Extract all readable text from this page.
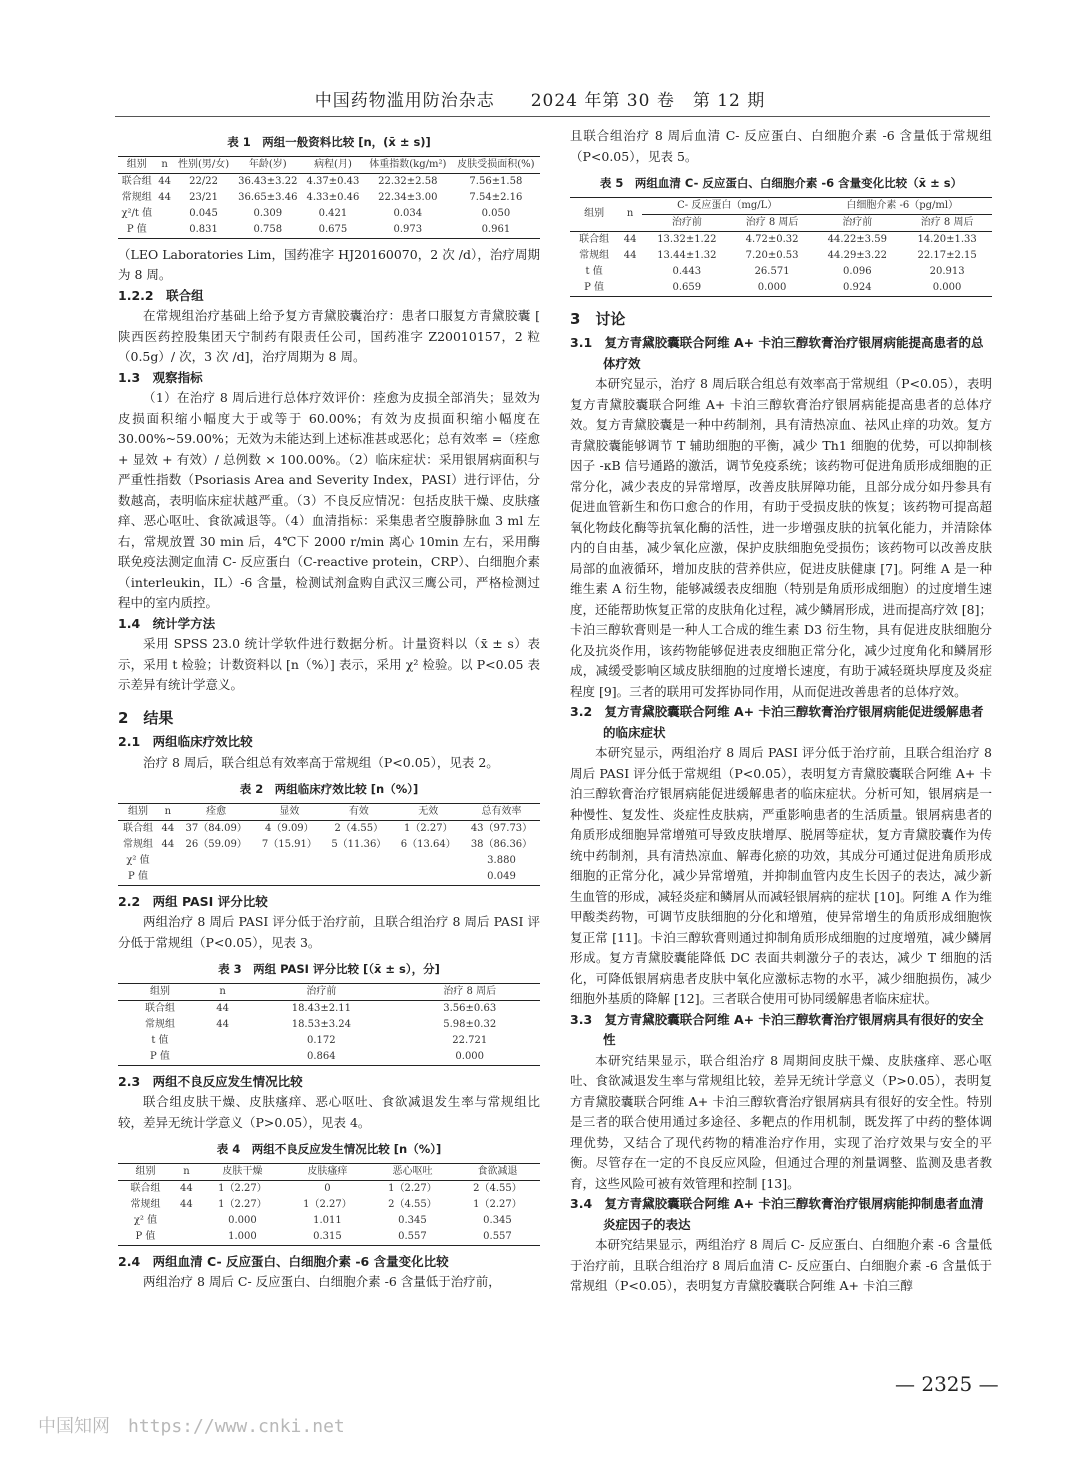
中国药物滥用防治杂志　　2024 年第 30 卷　第 12 期
表 1　两组一般资料比较 [n，(x̄ ± s)]
组别	n	性别(男/女)	年龄(岁)	病程(月)	体重指数(kg/m²)	皮肤受损面积(%)
联合组	44	22/22	36.43±3.22	4.37±0.43	22.32±2.58	7.56±1.58
常规组	44	23/21	36.65±3.46	4.33±0.46	22.34±3.00	7.54±2.16
χ²/t 值		0.045	0.309	0.421	0.034	0.050
P 值		0.831	0.758	0.675	0.973	0.961

（LEO Laboratories Lim，国药准字 HJ20160070，2 次 /d），治疗周期为 8 周。

1.2.2　联合组

在常规组治疗基础上给予复方青黛胶囊治疗：患者口服复方青黛胶囊 [ 陕西医药控股集团天宁制药有限责任公司，国药准字 Z20010157，2 粒（0.5g）/ 次，3 次 /d]，治疗周期为 8 周。

1.3　观察指标

（1）在治疗 8 周后进行总体疗效评价：痊愈为皮损全部消失；显效为皮损面积缩小幅度大于或等于 60.00%；有效为皮损面积缩小幅度在 30.00%~59.00%；无效为未能达到上述标准甚或恶化；总有效率 =（痊愈 + 显效 + 有效）/ 总例数 × 100.00%。（2）临床症状：采用银屑病面积与严重性指数（Psoriasis Area and Severity Index，PASI）进行评估，分数越高，表明临床症状越严重。（3）不良反应情况：包括皮肤干燥、皮肤瘙痒、恶心呕吐、食欲减退等。（4）血清指标：采集患者空腹静脉血 3 ml 左右，常规放置 30 min 后，4℃下 2000 r/min 离心 10min 左右，采用酶联免疫法测定血清 C- 反应蛋白（C-reactive protein，CRP）、白细胞介素（interleukin，IL）-6 含量，检测试剂盒购自武汉三鹰公司，严格检测过程中的室内质控。

1.4　统计学方法

采用 SPSS 23.0 统计学软件进行数据分析。计量资料以（x̄ ± s）表示，采用 t 检验；计数资料以 [n（%）] 表示，采用 χ² 检验。以 P<0.05 表示差异有统计学意义。

2　结果
2.1　两组临床疗效比较

治疗 8 周后，联合组总有效率高于常规组（P<0.05），见表 2。

表 2　两组临床疗效比较 [n（%）]
组别	n	痊愈	显效	有效	无效	总有效率
联合组	44	37（84.09）	4（9.09）	2（4.55）	1（2.27）	43（97.73）
常规组	44	26（59.09）	7（15.91）	5（11.36）	6（13.64）	38（86.36）
χ² 值						3.880
P 值						0.049
2.2　两组 PASI 评分比较

两组治疗 8 周后 PASI 评分低于治疗前，且联合组治疗 8 周后 PASI 评分低于常规组（P<0.05），见表 3。

表 3　两组 PASI 评分比较 [（x̄ ± s），分]
组别	n	治疗前	治疗 8 周后
联合组	44	18.43±2.11	3.56±0.63
常规组	44	18.53±3.24	5.98±0.32
t 值		0.172	22.721
P 值		0.864	0.000
2.3　两组不良反应发生情况比较

联合组皮肤干燥、皮肤瘙痒、恶心呕吐、食欲减退发生率与常规组比较，差异无统计学意义（P>0.05），见表 4。

表 4　两组不良反应发生情况比较 [n（%）]
组别	n	皮肤干燥	皮肤瘙痒	恶心呕吐	食欲减退
联合组	44	1（2.27）	0	1（2.27）	2（4.55）
常规组	44	1（2.27）	1（2.27）	2（4.55）	1（2.27）
χ² 值		0.000	1.011	0.345	0.345
P 值		1.000	0.315	0.557	0.557
2.4　两组血清 C- 反应蛋白、白细胞介素 -6 含量变化比较

两组治疗 8 周后 C- 反应蛋白、白细胞介素 -6 含量低于治疗前，

且联合组治疗 8 周后血清 C- 反应蛋白、白细胞介素 -6 含量低于常规组（P<0.05），见表 5。

表 5　两组血清 C- 反应蛋白、白细胞介素 -6 含量变化比较（x̄ ± s）
组别	n	C- 反应蛋白（mg/L）		白细胞介素 -6（pg/ml）	
		治疗前	治疗 8 周后	治疗前	治疗 8 周后
联合组	44	13.32±1.22	4.72±0.32	44.22±3.59	14.20±1.33
常规组	44	13.44±1.32	7.20±0.53	44.29±3.22	22.17±2.15
t 值		0.443	26.571	0.096	20.913
P 值		0.659	0.000	0.924	0.000
3　讨论
3.1　复方青黛胶囊联合阿维 A+ 卡泊三醇软膏治疗银屑病能提高患者的总体疗效

本研究显示，治疗 8 周后联合组总有效率高于常规组（P<0.05），表明复方青黛胶囊联合阿维 A+ 卡泊三醇软膏治疗银屑病能提高患者的总体疗效。复方青黛胶囊是一种中药制剂，具有清热凉血、祛风止痒的功效。复方青黛胶囊能够调节 T 辅助细胞的平衡，减少 Th1 细胞的优势，可以抑制核因子 -κB 信号通路的激活，调节免疫系统；该药物可促进角质形成细胞的正常分化，减少表皮的异常增厚，改善皮肤屏障功能，且部分成分如丹参具有促进血管新生和伤口愈合的作用，有助于受损皮肤的恢复；该药物可提高超氧化物歧化酶等抗氧化酶的活性，进一步增强皮肤的抗氧化能力，并清除体内的自由基，减少氧化应激，保护皮肤细胞免受损伤；该药物可以改善皮肤局部的血液循环，增加皮肤的营养供应，促进皮肤健康 [7]。阿维 A 是一种维生素 A 衍生物，能够减缓表皮细胞（特别是角质形成细胞）的过度增生速度，还能帮助恢复正常的皮肤角化过程，减少鳞屑形成，进而提高疗效 [8]；卡泊三醇软膏则是一种人工合成的维生素 D3 衍生物，具有促进皮肤细胞分化及抗炎作用，该药物能够促进表皮细胞正常分化，减少过度角化和鳞屑形成，减缓受影响区域皮肤细胞的过度增长速度，有助于减轻斑块厚度及炎症程度 [9]。三者的联用可发挥协同作用，从而促进改善患者的总体疗效。

3.2　复方青黛胶囊联合阿维 A+ 卡泊三醇软膏治疗银屑病能促进缓解患者的临床症状

本研究显示，两组治疗 8 周后 PASI 评分低于治疗前，且联合组治疗 8 周后 PASI 评分低于常规组（P<0.05），表明复方青黛胶囊联合阿维 A+ 卡泊三醇软膏治疗银屑病能促进缓解患者的临床症状。分析可知，银屑病是一种慢性、复发性、炎症性皮肤病，严重影响患者的生活质量。银屑病患者的角质形成细胞异常增殖可导致皮肤增厚、脱屑等症状，复方青黛胶囊作为传统中药制剂，具有清热凉血、解毒化瘀的功效，其成分可通过促进角质形成细胞的正常分化，减少异常增殖，并抑制血管内皮生长因子的表达，减少新生血管的形成，减轻炎症和鳞屑从而减轻银屑病的症状 [10]。阿维 A 作为维甲酸类药物，可调节皮肤细胞的分化和增殖，使异常增生的角质形成细胞恢复正常 [11]。卡泊三醇软膏则通过抑制角质形成细胞的过度增殖，减少鳞屑形成。复方青黛胶囊能降低 DC 表面共刺激分子的表达，减少 T 细胞的活化，可降低银屑病患者皮肤中氧化应激标志物的水平，减少细胞损伤，减少细胞外基质的降解 [12]。三者联合使用可协同缓解患者临床症状。

3.3　复方青黛胶囊联合阿维 A+ 卡泊三醇软膏治疗银屑病具有很好的安全性

本研究结果显示，联合组治疗 8 周期间皮肤干燥、皮肤瘙痒、恶心呕吐、食欲减退发生率与常规组比较，差异无统计学意义（P>0.05），表明复方青黛胶囊联合阿维 A+ 卡泊三醇软膏治疗银屑病具有很好的安全性。特别是三者的联合使用通过多途径、多靶点的作用机制，既发挥了中药的整体调理优势，又结合了现代药物的精准治疗作用，实现了治疗效果与安全的平衡。尽管存在一定的不良反应风险，但通过合理的剂量调整、监测及患者教育，这些风险可被有效管理和控制 [13]。

3.4　复方青黛胶囊联合阿维 A+ 卡泊三醇软膏治疗银屑病能抑制患者血清炎症因子的表达

本研究结果显示，两组治疗 8 周后 C- 反应蛋白、白细胞介素 -6 含量低于治疗前，且联合组治疗 8 周后血清 C- 反应蛋白、白细胞介素 -6 含量低于常规组（P<0.05），表明复方青黛胶囊联合阿维 A+ 卡泊三醇

— 2325 —
中国知网　https://www.cnki.net
